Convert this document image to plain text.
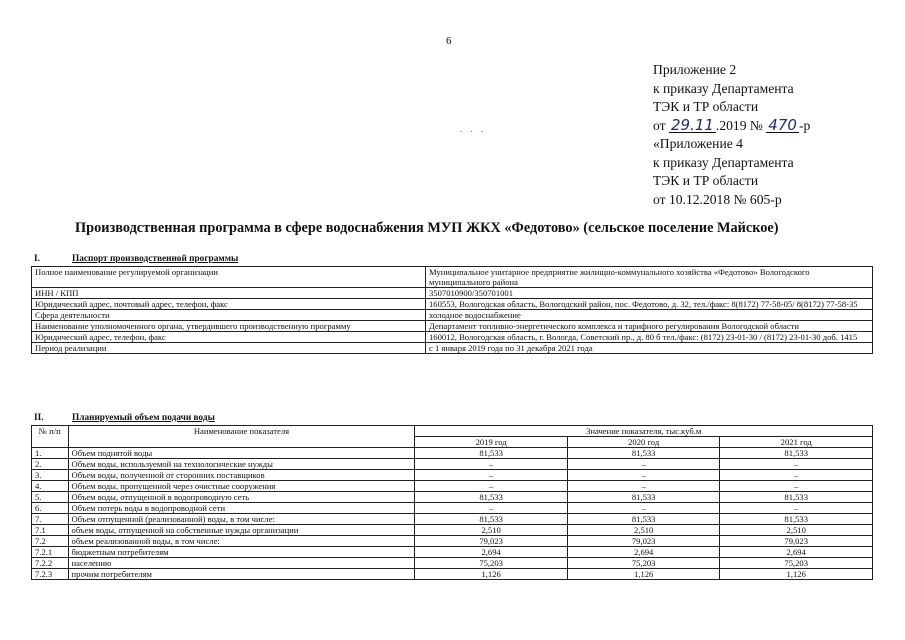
6
Приложение 2
к приказу Департамента
ТЭК и ТР области
от 29.11 .2019 № 470 -р
«Приложение 4
к приказу Департамента
ТЭК и ТР области
от 10.12.2018 № 605-р
. . .
Производственная программа в сфере водоснабжения МУП ЖКХ «Федотово» (сельское поселение Майское)
I.	Паспорт производственной программы
Полное наименование регулируемой организации	Муниципальное унитарное предприятие жилищно-коммунального хозяйства «Федотово» Вологодского муниципального района
ИНН / КПП	3507010900/350701001
Юридический адрес, почтовый адрес, телефон, факс	160553, Вологодская область, Вологодский район, пос. Федотово, д. 32, тел./факс: 8(8172) 77-58-05/ 8(8172) 77-58-35
Сфера деятельности	холодное водоснабжение
Наименование уполномоченного органа, утвердившего производственную программу	Департамент топливно-энергетического комплекса и тарифного регулирования Вологодской области
Юридический адрес, телефон, факс	160012, Вологодская область, г. Вологда, Советский пр., д. 80 б тел./факс: (8172) 23-01-30 / (8172) 23-01-30 доб. 1415
Период реализации	с 1 января 2019 года по 31 декабря 2021 года
II.	Планируемый объем подачи воды
№ п/п	Наименование показателя	Значение показателя, тыс.куб.м		
		2019 год	2020 год	2021 год
1.	Объем поднятой воды	81,533	81,533	81,533
2.	Объем воды, используемой на технологические нужды	–	–	–
3.	Объем воды, полученной от сторонних поставщиков	–	–	–
4.	Объем воды, пропущенной через очистные сооружения	–	–	–
5.	Объем воды, отпущенной в водопроводную сеть	81,533	81,533	81,533
6.	Объем потерь воды в водопроводной сети	–	–	–
7.	Объем отпущенной (реализованной) воды, в том числе:	81,533	81,533	81,533
7.1	объем воды, отпущенной на собственные нужды организации	2,510	2,510	2,510
7.2	объем реализованной воды, в том числе:	79,023	79,023	79,023
7.2.1	бюджетным потребителям	2,694	2,694	2,694
7.2.2	населению	75,203	75,203	75,203
7.2.3	прочим потребителям	1,126	1,126	1,126
